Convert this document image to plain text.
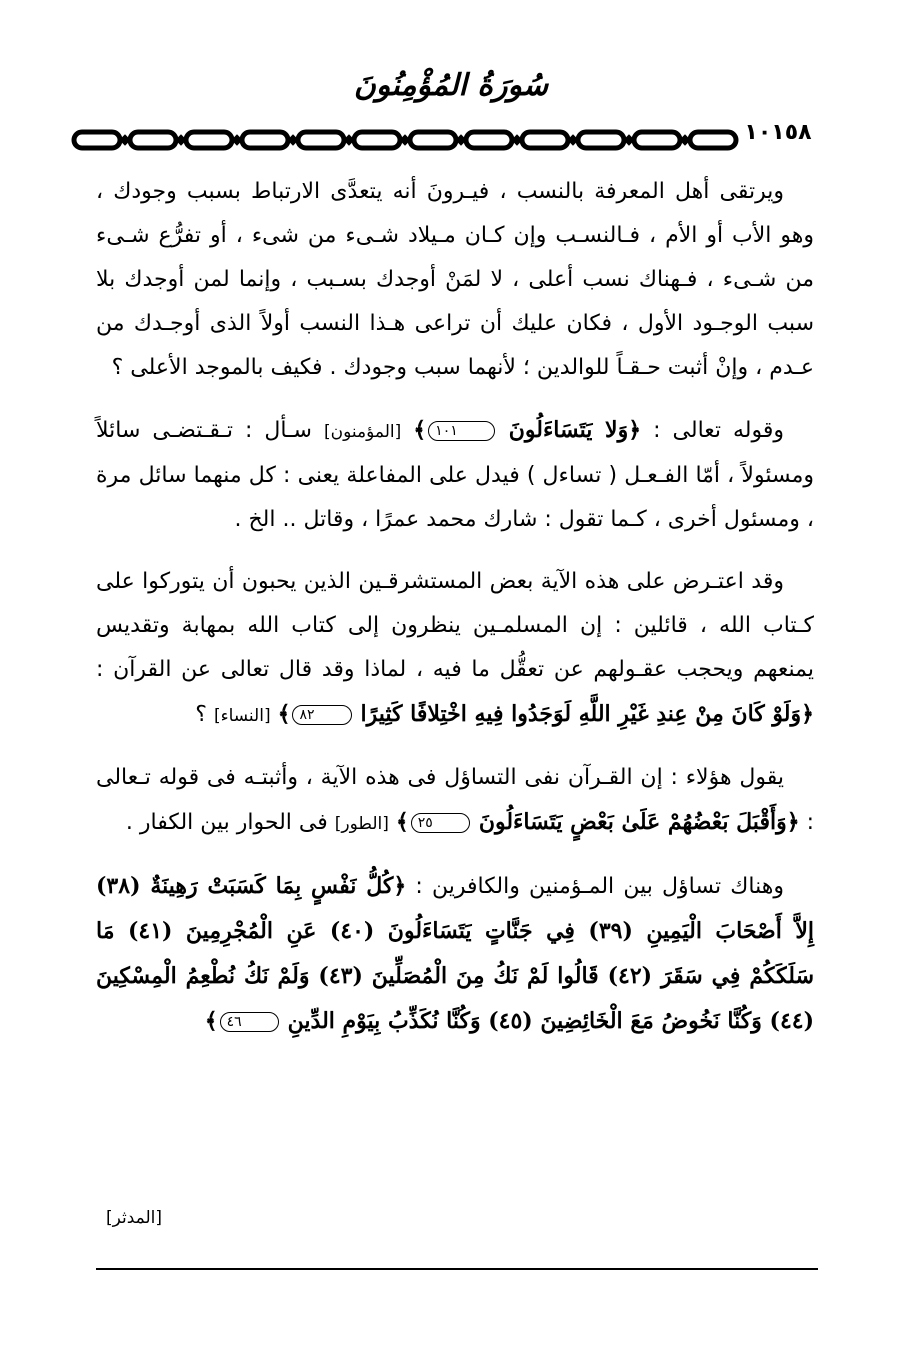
سُورَةُ المُؤْمِنُونَ
١٠١٥٨

ويرتقى أهل المعرفة بالنسب ، فيـرونَ أنه يتعدَّى الارتباط بسبب وجودك ، وهو الأب أو الأم ، فـالنسـب وإن كـان مـيلاد شـىء من شىء ، أو تفرُّع شـىء من شـىء ، فـهناك نسب أعلى ، لا لمَنْ أوجدك بسـبب ، وإنما لمن أوجدك بلا سبب الوجـود الأول ، فكان عليك أن تراعى هـذا النسب أولاً الذى أوجـدك من عـدم ، وإنْ أثبت حـقـاً للوالدين ؛ لأنهما سبب وجودك . فكيف بالموجد الأعلى ؟

وقوله تعالى : ﴿وَلا يَتَسَاءَلُونَ ١٠١﴾ [المؤمنون] سـأل : تـقـتضـى سائلاً ومسئولاً ، أمّا الفـعـل ( تساءل ) فيدل على المفاعلة يعنى : كل منهما سائل مرة ، ومسئول أخرى ، كـما تقول : شارك محمد عمرًا ، وقاتل .. الخ .

وقد اعتـرض على هذه الآية بعض المستشرقـين الذين يحبون أن يتوركوا على كـتاب الله ، قائلين : إن المسلمـين ينظرون إلى كتاب الله بمهابة وتقديس يمنعهم ويحجب عقـولهم عن تعقُّل ما فيه ، لماذا وقد قال تعالى عن القرآن : ﴿وَلَوْ كَانَ مِنْ عِندِ غَيْرِ اللَّهِ لَوَجَدُوا فِيهِ اخْتِلافًا كَثِيرًا ٨٢﴾ [النساء] ؟

يقول هؤلاء : إن القـرآن نفى التساؤل فى هذه الآية ، وأثبتـه فى قوله تـعالى : ﴿وَأَقْبَلَ بَعْضُهُمْ عَلَىٰ بَعْضٍ يَتَسَاءَلُونَ ٢٥﴾ [الطور] فى الحوار بين الكفار .

وهناك تساؤل بين المـؤمنين والكافرين : ﴿كُلُّ نَفْسٍ بِمَا كَسَبَتْ رَهِينَةٌ (٣٨) إِلاَّ أَصْحَابَ الْيَمِينِ (٣٩) فِي جَنَّاتٍ يَتَسَاءَلُونَ (٤٠) عَنِ الْمُجْرِمِينَ (٤١) مَا سَلَكَكُمْ فِي سَقَرَ (٤٢) قَالُوا لَمْ نَكُ مِنَ الْمُصَلِّينَ (٤٣) وَلَمْ نَكُ نُطْعِمُ الْمِسْكِينَ (٤٤) وَكُنَّا نَخُوضُ مَعَ الْخَائِضِينَ (٤٥) وَكُنَّا نُكَذِّبُ بِيَوْمِ الدِّينِ ٤٦﴾

[المدثر]
